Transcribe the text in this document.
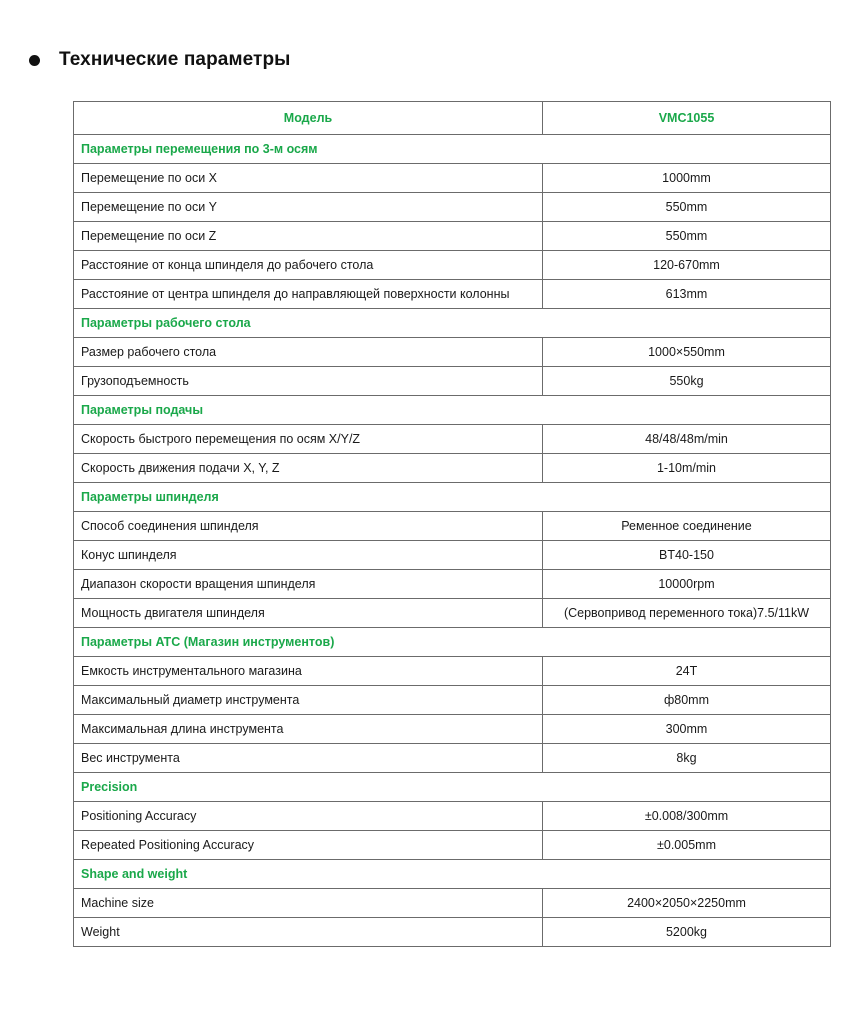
Технические параметры
Модель	VMC1055
Параметры перемещения по 3-м осям	
Перемещение по оси X	1000mm
Перемещение по оси Y	550mm
Перемещение по оси Z	550mm
Расстояние от конца шпинделя до рабочего стола	120-670mm
Расстояние от центра шпинделя до направляющей поверхности колонны	613mm
Параметры рабочего стола	
Размер рабочего стола	1000×550mm
Грузоподъемность	550kg
Параметры подачы	
Скорость быстрого перемещения по осям X/Y/Z	48/48/48m/min
Скорость движения подачи X, Y, Z	1-10m/min
Параметры шпинделя	
Способ соединения шпинделя	Ременное соединение
Конус шпинделя	BT40-150
Диапазон скорости вращения шпинделя	10000rpm
Мощность двигателя шпинделя	(Сервопривод переменного тока)7.5/11kW
Параметры ATC (Магазин инструментов)	
Емкость инструментального магазина	24T
Максимальный диаметр инструмента	ф80mm
Максимальная длина инструмента	300mm
Вес инструмента	8kg
Precision	
Positioning Accuracy	±0.008/300mm
Repeated Positioning Accuracy	±0.005mm
Shape and weight	
Machine size	2400×2050×2250mm
Weight	5200kg
